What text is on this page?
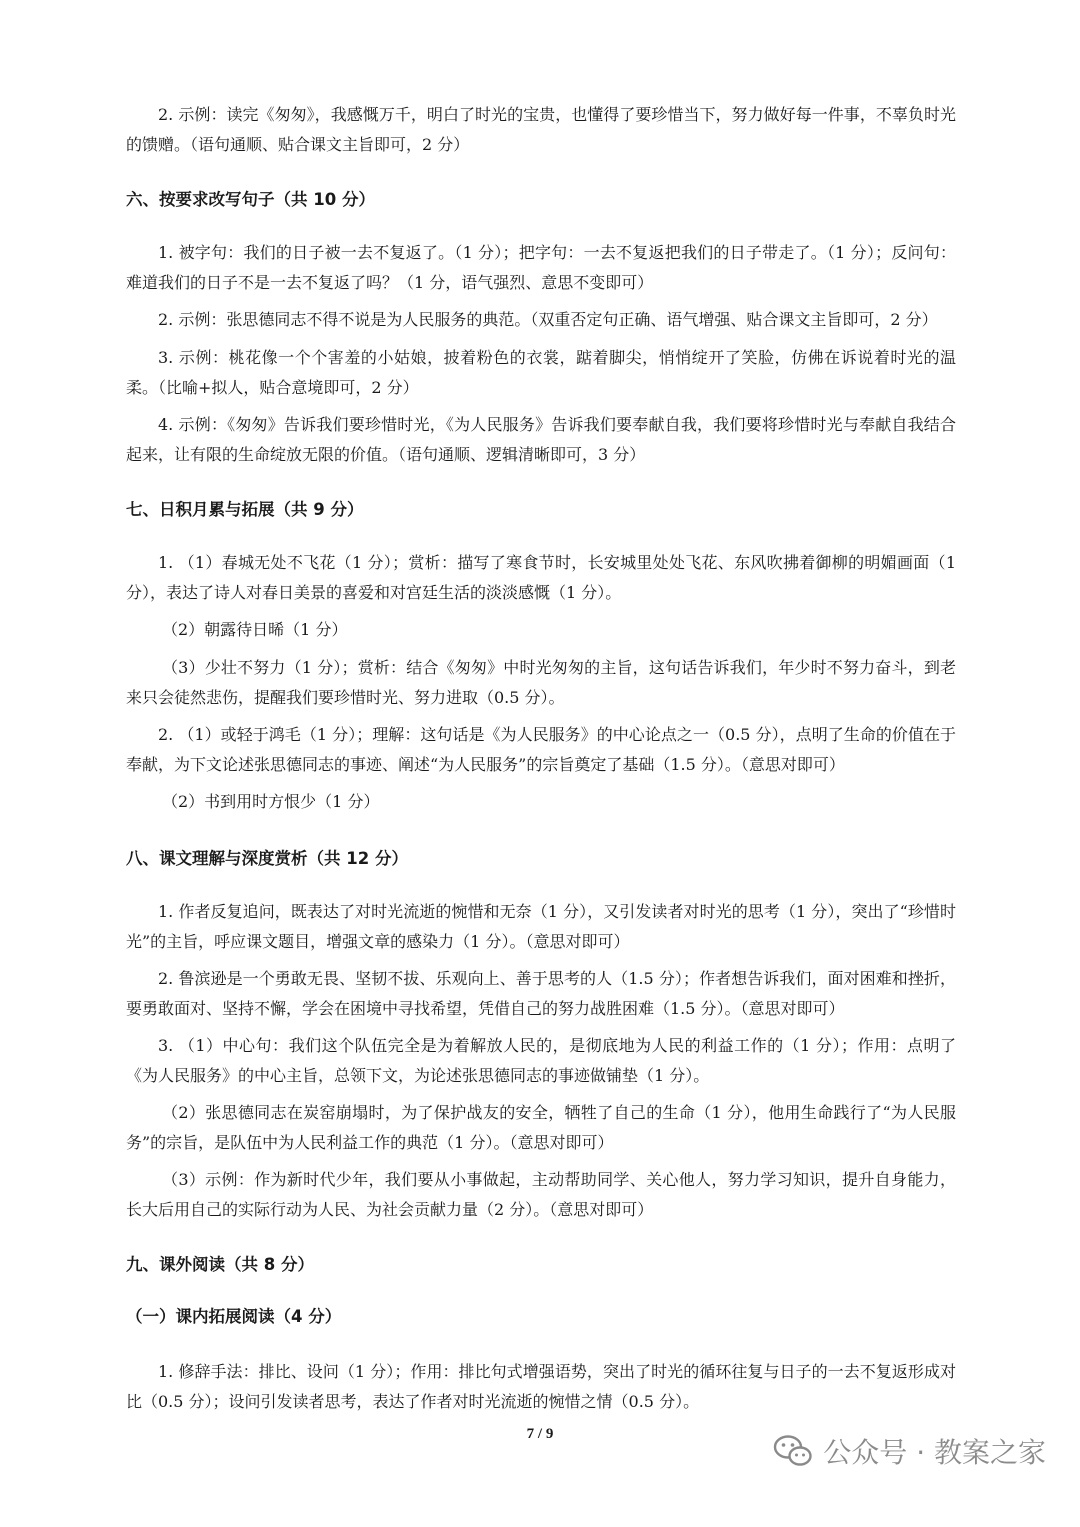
2. 示例：读完《匆匆》，我感慨万千，明白了时光的宝贵，也懂得了要珍惜当下，努力做好每一件事，不辜负时光的馈赠。（语句通顺、贴合课文主旨即可，2 分）

六、按要求改写句子（共 10 分）

1. 被字句：我们的日子被一去不复返了。（1 分）；把字句：一去不复返把我们的日子带走了。（1 分）；反问句：难道我们的日子不是一去不复返了吗？（1 分，语气强烈、意思不变即可）

2. 示例：张思德同志不得不说是为人民服务的典范。（双重否定句正确、语气增强、贴合课文主旨即可，2 分）

3. 示例：桃花像一个个害羞的小姑娘，披着粉色的衣裳，踮着脚尖，悄悄绽开了笑脸，仿佛在诉说着时光的温柔。（比喻+拟人，贴合意境即可，2 分）

4. 示例：《匆匆》告诉我们要珍惜时光，《为人民服务》告诉我们要奉献自我，我们要将珍惜时光与奉献自我结合起来，让有限的生命绽放无限的价值。（语句通顺、逻辑清晰即可，3 分）

七、日积月累与拓展（共 9 分）

1. （1）春城无处不飞花（1 分）；赏析：描写了寒食节时，长安城里处处飞花、东风吹拂着御柳的明媚画面（1 分），表达了诗人对春日美景的喜爱和对宫廷生活的淡淡感慨（1 分）。

（2）朝露待日晞（1 分）

（3）少壮不努力（1 分）；赏析：结合《匆匆》中时光匆匆的主旨，这句话告诉我们，年少时不努力奋斗，到老来只会徒然悲伤，提醒我们要珍惜时光、努力进取（0.5 分）。

2. （1）或轻于鸿毛（1 分）；理解：这句话是《为人民服务》的中心论点之一（0.5 分），点明了生命的价值在于奉献，为下文论述张思德同志的事迹、阐述“为人民服务”的宗旨奠定了基础（1.5 分）。（意思对即可）

（2）书到用时方恨少（1 分）

八、课文理解与深度赏析（共 12 分）

1. 作者反复追问，既表达了对时光流逝的惋惜和无奈（1 分），又引发读者对时光的思考（1 分），突出了“珍惜时光”的主旨，呼应课文题目，增强文章的感染力（1 分）。（意思对即可）

2. 鲁滨逊是一个勇敢无畏、坚韧不拔、乐观向上、善于思考的人（1.5 分）；作者想告诉我们，面对困难和挫折，要勇敢面对、坚持不懈，学会在困境中寻找希望，凭借自己的努力战胜困难（1.5 分）。（意思对即可）

3. （1）中心句：我们这个队伍完全是为着解放人民的，是彻底地为人民的利益工作的（1 分）；作用：点明了《为人民服务》的中心主旨，总领下文，为论述张思德同志的事迹做铺垫（1 分）。

（2）张思德同志在炭窑崩塌时，为了保护战友的安全，牺牲了自己的生命（1 分），他用生命践行了“为人民服务”的宗旨，是队伍中为人民利益工作的典范（1 分）。（意思对即可）

（3）示例：作为新时代少年，我们要从小事做起，主动帮助同学、关心他人，努力学习知识，提升自身能力，长大后用自己的实际行动为人民、为社会贡献力量（2 分）。（意思对即可）

九、课外阅读（共 8 分）
（一）课内拓展阅读（4 分）

1. 修辞手法：排比、设问（1 分）；作用：排比句式增强语势，突出了时光的循环往复与日子的一去不复返形成对比（0.5 分）；设问引发读者思考，表达了作者对时光流逝的惋惜之情（0.5 分）。

7 / 9
公众号 · 教案之家
